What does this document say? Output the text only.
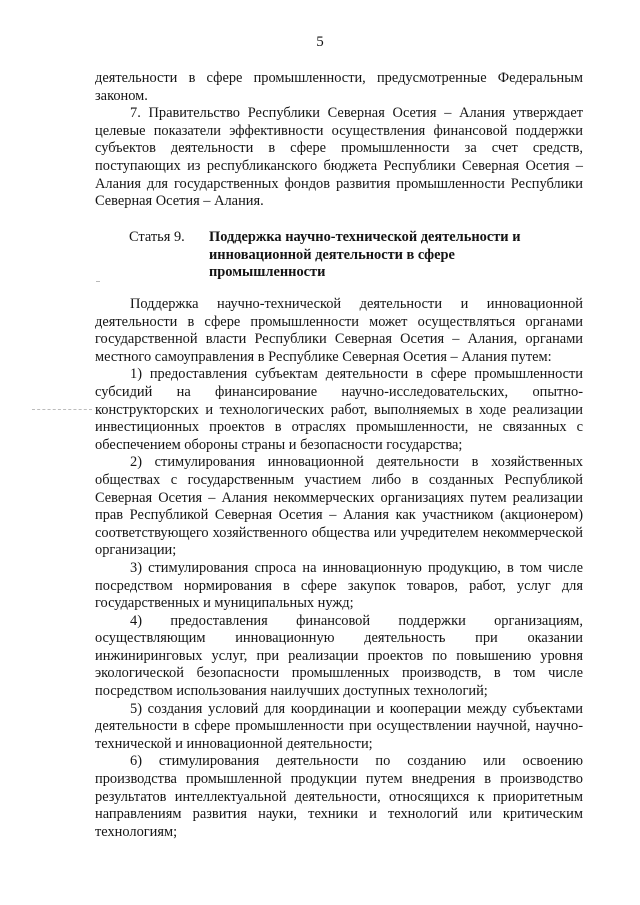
5

деятельности в сфере промышленности, предусмотренные Федеральным законом.

7. Правительство Республики Северная Осетия – Алания утверждает целевые показатели эффективности осуществления финансовой поддержки субъектов деятельности в сфере промышленности за счет средств, поступающих из республиканского бюджета Республики Северная Осетия – Алания для государственных фондов развития промышленности Республики Северная Осетия – Алания.

Статья 9. Поддержка научно-технической деятельности и инновационной деятельности в сфере промышленности

Поддержка научно-технической деятельности и инновационной деятельности в сфере промышленности может осуществляться органами государственной власти Республики Северная Осетия – Алания, органами местного самоуправления в Республике Северная Осетия – Алания путем:

1) предоставления субъектам деятельности в сфере промышленности субсидий на финансирование научно-исследовательских, опытно-конструкторских и технологических работ, выполняемых в ходе реализации инвестиционных проектов в отраслях промышленности, не связанных с обеспечением обороны страны и безопасности государства;

2) стимулирования инновационной деятельности в хозяйственных обществах с государственным участием либо в созданных Республикой Северная Осетия – Алания некоммерческих организациях путем реализации прав Республикой Северная Осетия – Алания как участником (акционером) соответствующего хозяйственного общества или учредителем некоммерческой организации;

3) стимулирования спроса на инновационную продукцию, в том числе посредством нормирования в сфере закупок товаров, работ, услуг для государственных и муниципальных нужд;

4) предоставления финансовой поддержки организациям, осуществляющим инновационную деятельность при оказании инжиниринговых услуг, при реализации проектов по повышению уровня экологической безопасности промышленных производств, в том числе посредством использования наилучших доступных технологий;

5) создания условий для координации и кооперации между субъектами деятельности в сфере промышленности при осуществлении научной, научно-технической и инновационной деятельности;

6) стимулирования деятельности по созданию или освоению производства промышленной продукции путем внедрения в производство результатов интеллектуальной деятельности, относящихся к приоритетным направлениям развития науки, техники и технологий или критическим технологиям;
